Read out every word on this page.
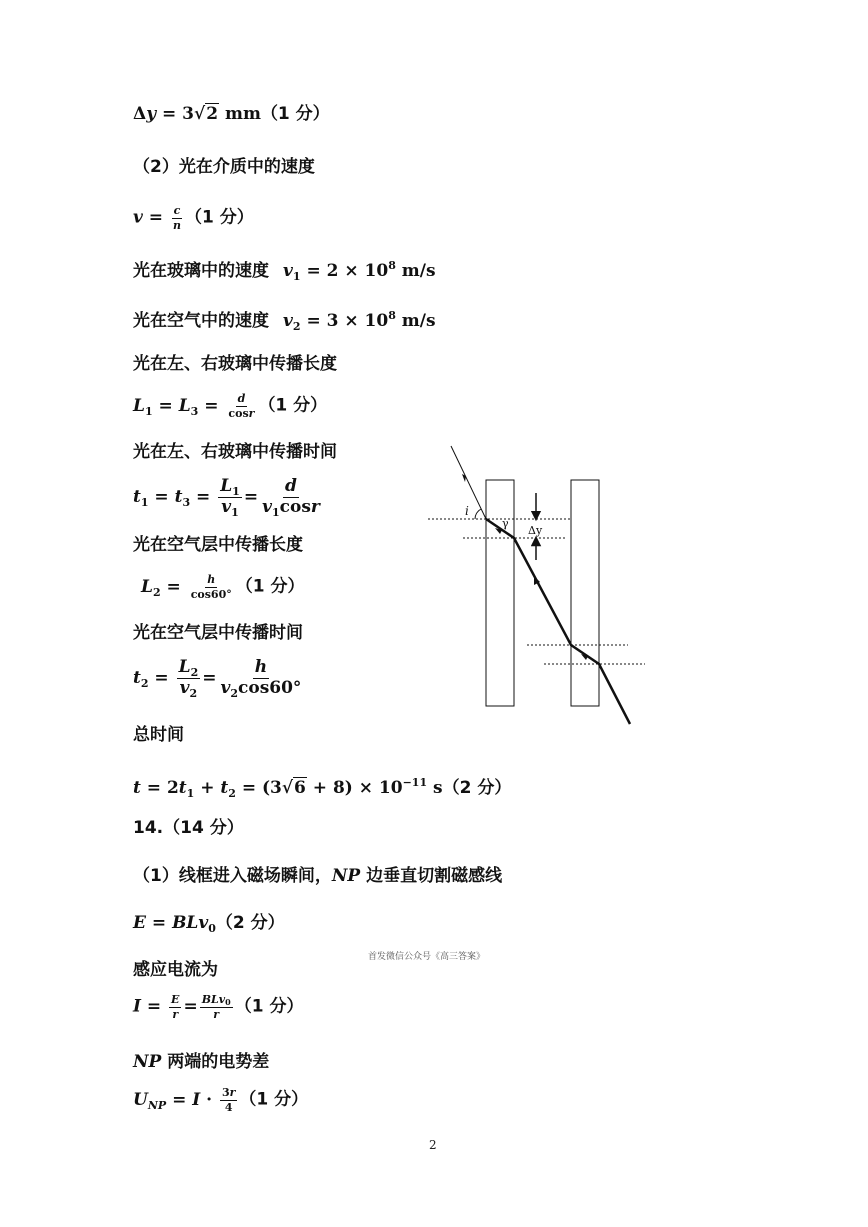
Δy = 3√2 mm（1 分）
（2）光在介质中的速度
$v = \frac{c}{n} (1$ 分）
光在玻璃中的速度 $v_1 = 2 \times 10^8$ m/s
光在空气中的速度 $v_2 = 3 \times 10^8$ m/s
光在左、右玻璃中传播长度
$L_1 = L_3 = \frac{d}{\cos r} (1$ 分）
光在左、右玻璃中传播时间
$t_1 = t_3 = \frac{L_1}{v_1} = \frac{d}{v_1\cos r}$
光在空气层中传播长度
$L_2 = \frac{h}{\cos 60^\circ} (1$ 分）
光在空气层中传播时间
$t_2 = \frac{L_2}{v_2} = \frac{h}{v_2\cos 60^\circ}$
总时间
$t = 2t_1 + t_2 = (3√6 + 8) \times 10^{-11}$ s（2 分）
14.（14 分）
（1）线框进入磁场瞬间，NP 边垂直切割磁感线
E = BLv$_0$（2 分）
首发微信公众号《高三答案》
感应电流为
$I = \frac{E}{r} = \frac{\text{BLv0}}{r} (1$ 分）
NP 两端的电势差
$U_{NP} = I \cdot \frac{3r}{4} (1$ 分）
2
i
γ
Δy
